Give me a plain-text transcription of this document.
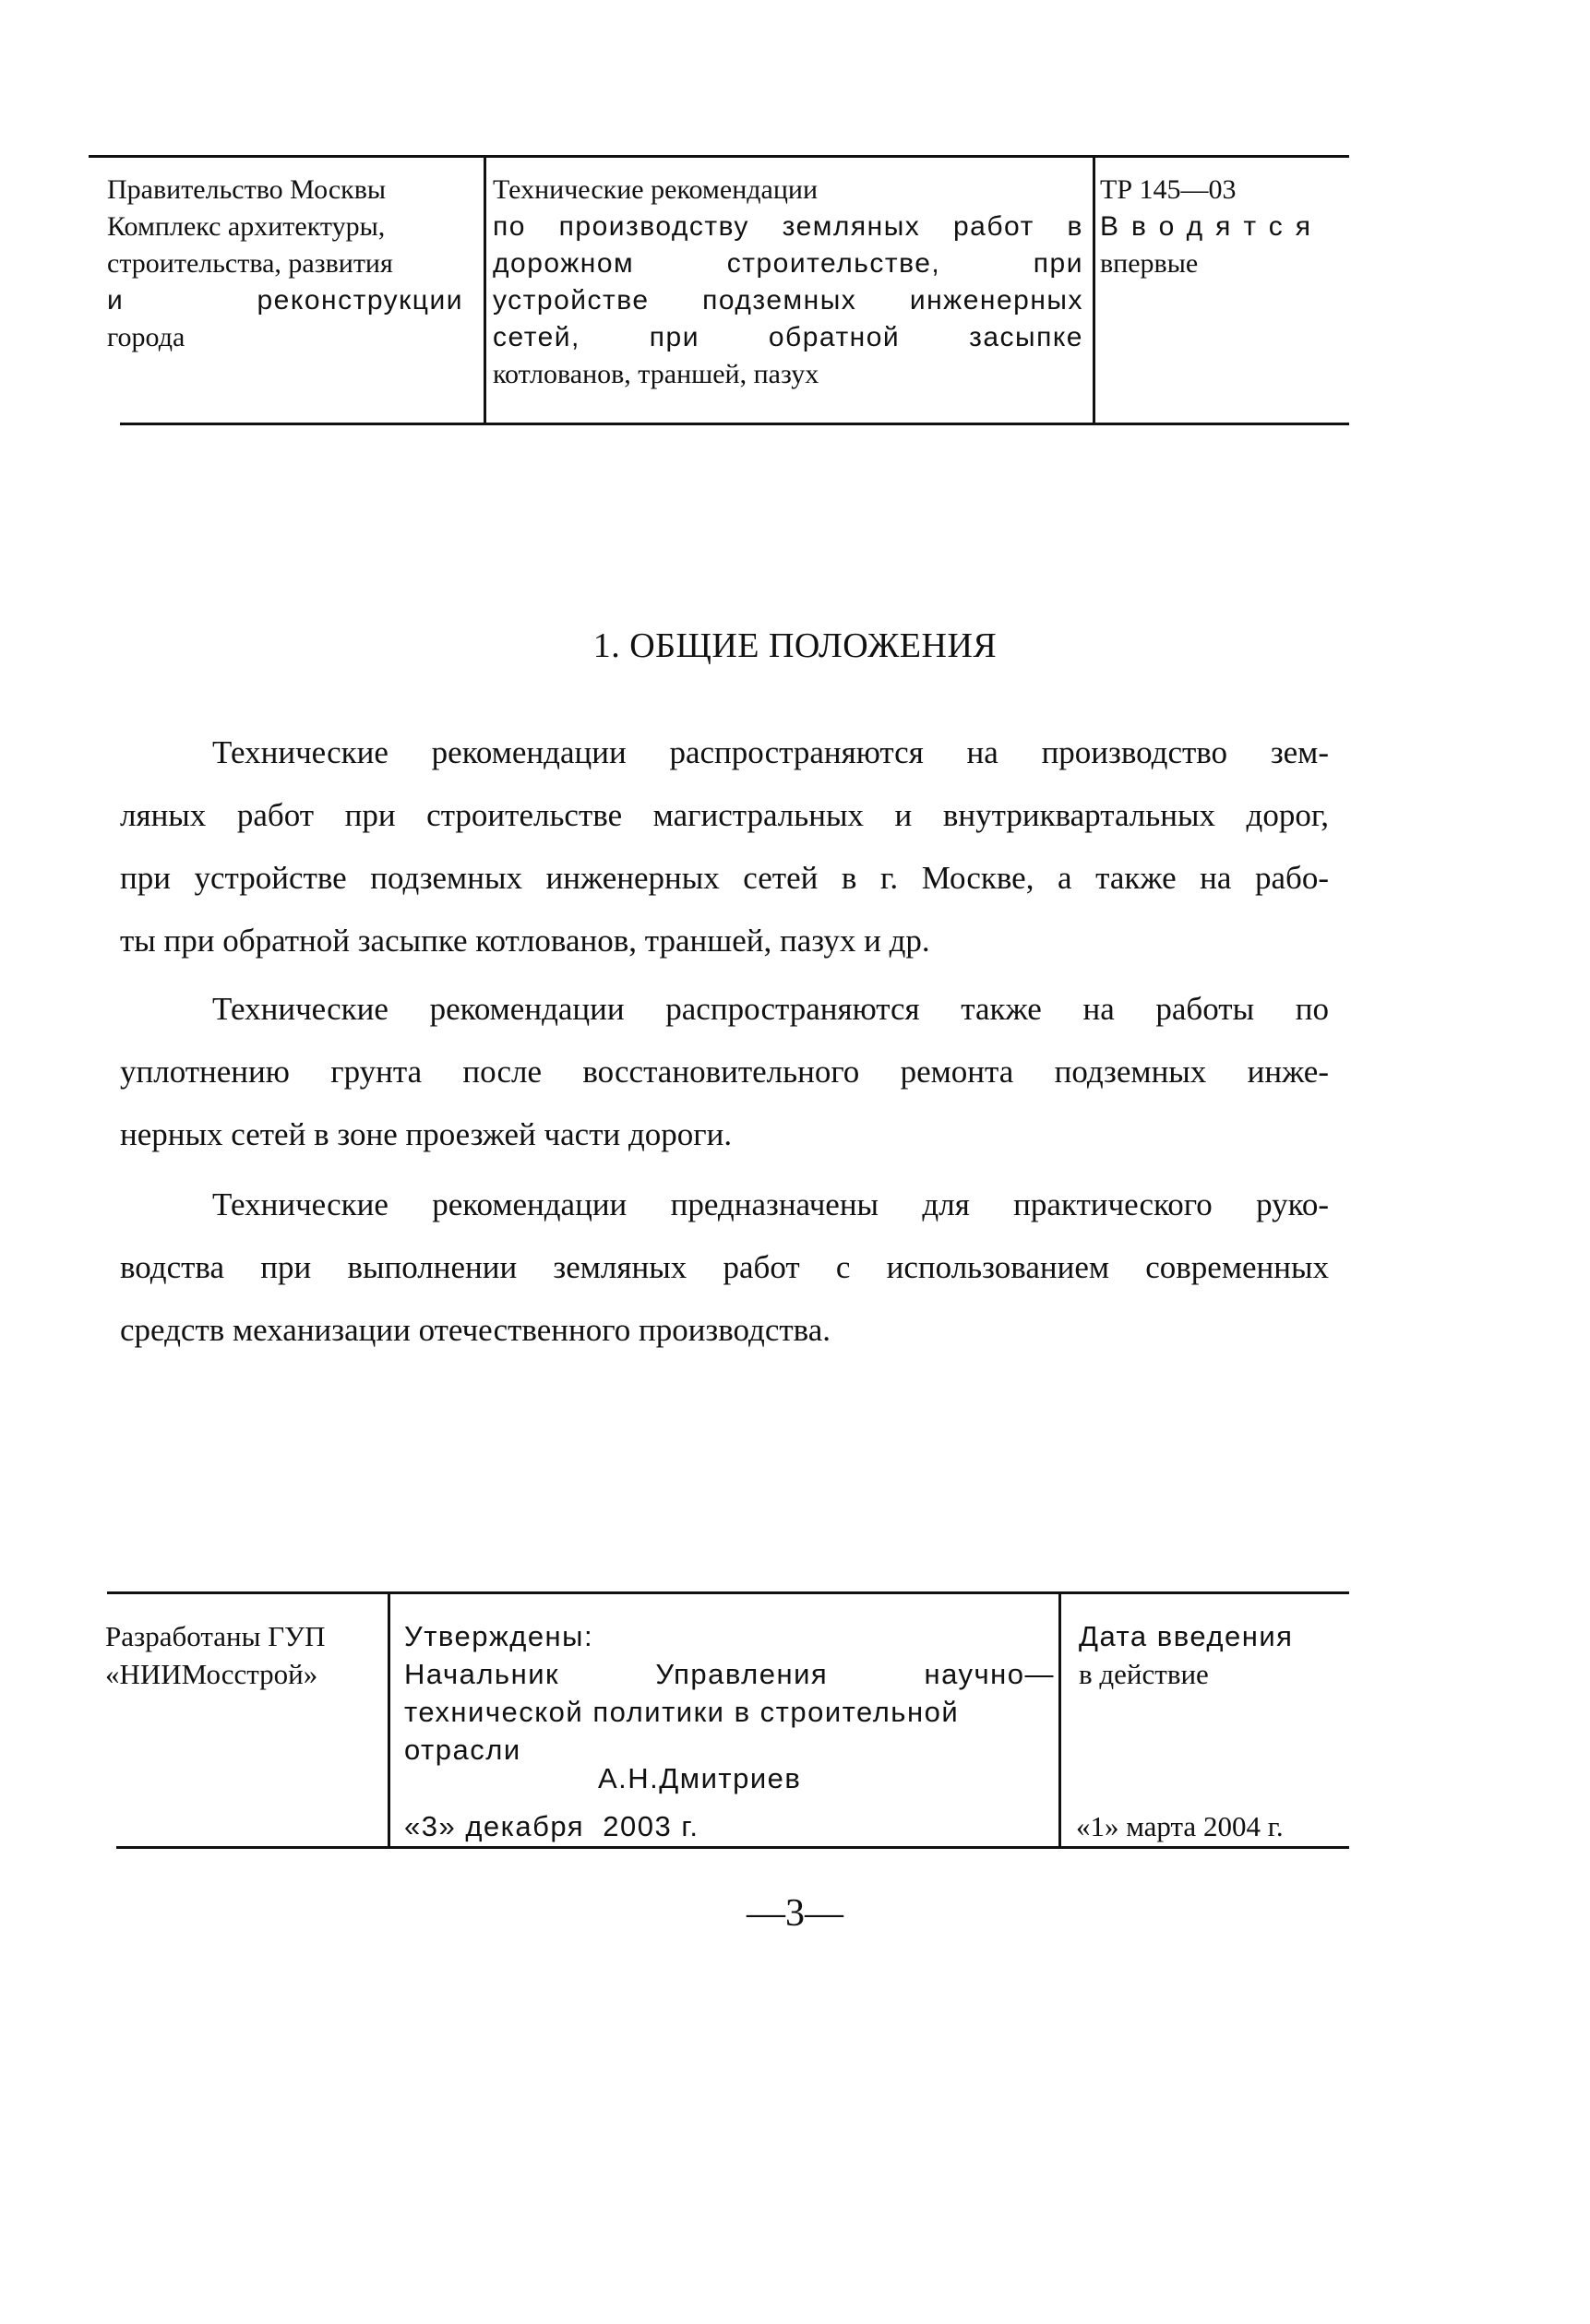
Правительство Москвы
Комплекс архитектуры,
строительства, развития
и реконструкции
города
Технические рекомендации
по производству земляных работ в
дорожном строительстве, при
устройстве подземных инженерных
сетей, при обратной засыпке
котлованов, траншей, пазух
ТР 145—03
Вводятся
впервые
1. ОБЩИЕ ПОЛОЖЕНИЯ
Технические рекомендации распространяются на производство зем-
ляных работ при строительстве магистральных и внутриквартальных дорог,
при устройстве подземных инженерных сетей в г. Москве, а также на рабо-
ты при обратной засыпке котлованов, траншей, пазух и др.
Технические рекомендации распространяются также на работы по
уплотнению грунта после восстановительного ремонта подземных инже-
нерных сетей в зоне проезжей части дороги.
Технические рекомендации предназначены для практического руко-
водства при выполнении земляных работ с использованием современных
средств механизации отечественного производства.
Разработаны ГУП
«НИИМосстрой»
Утверждены:
Начальник Управления научно—
технической политики в строительной
отрасли
Дата введения
в действие
А.Н.Дмитриев
«3» декабря  2003 г.	«1» марта 2004 г.
—3—
